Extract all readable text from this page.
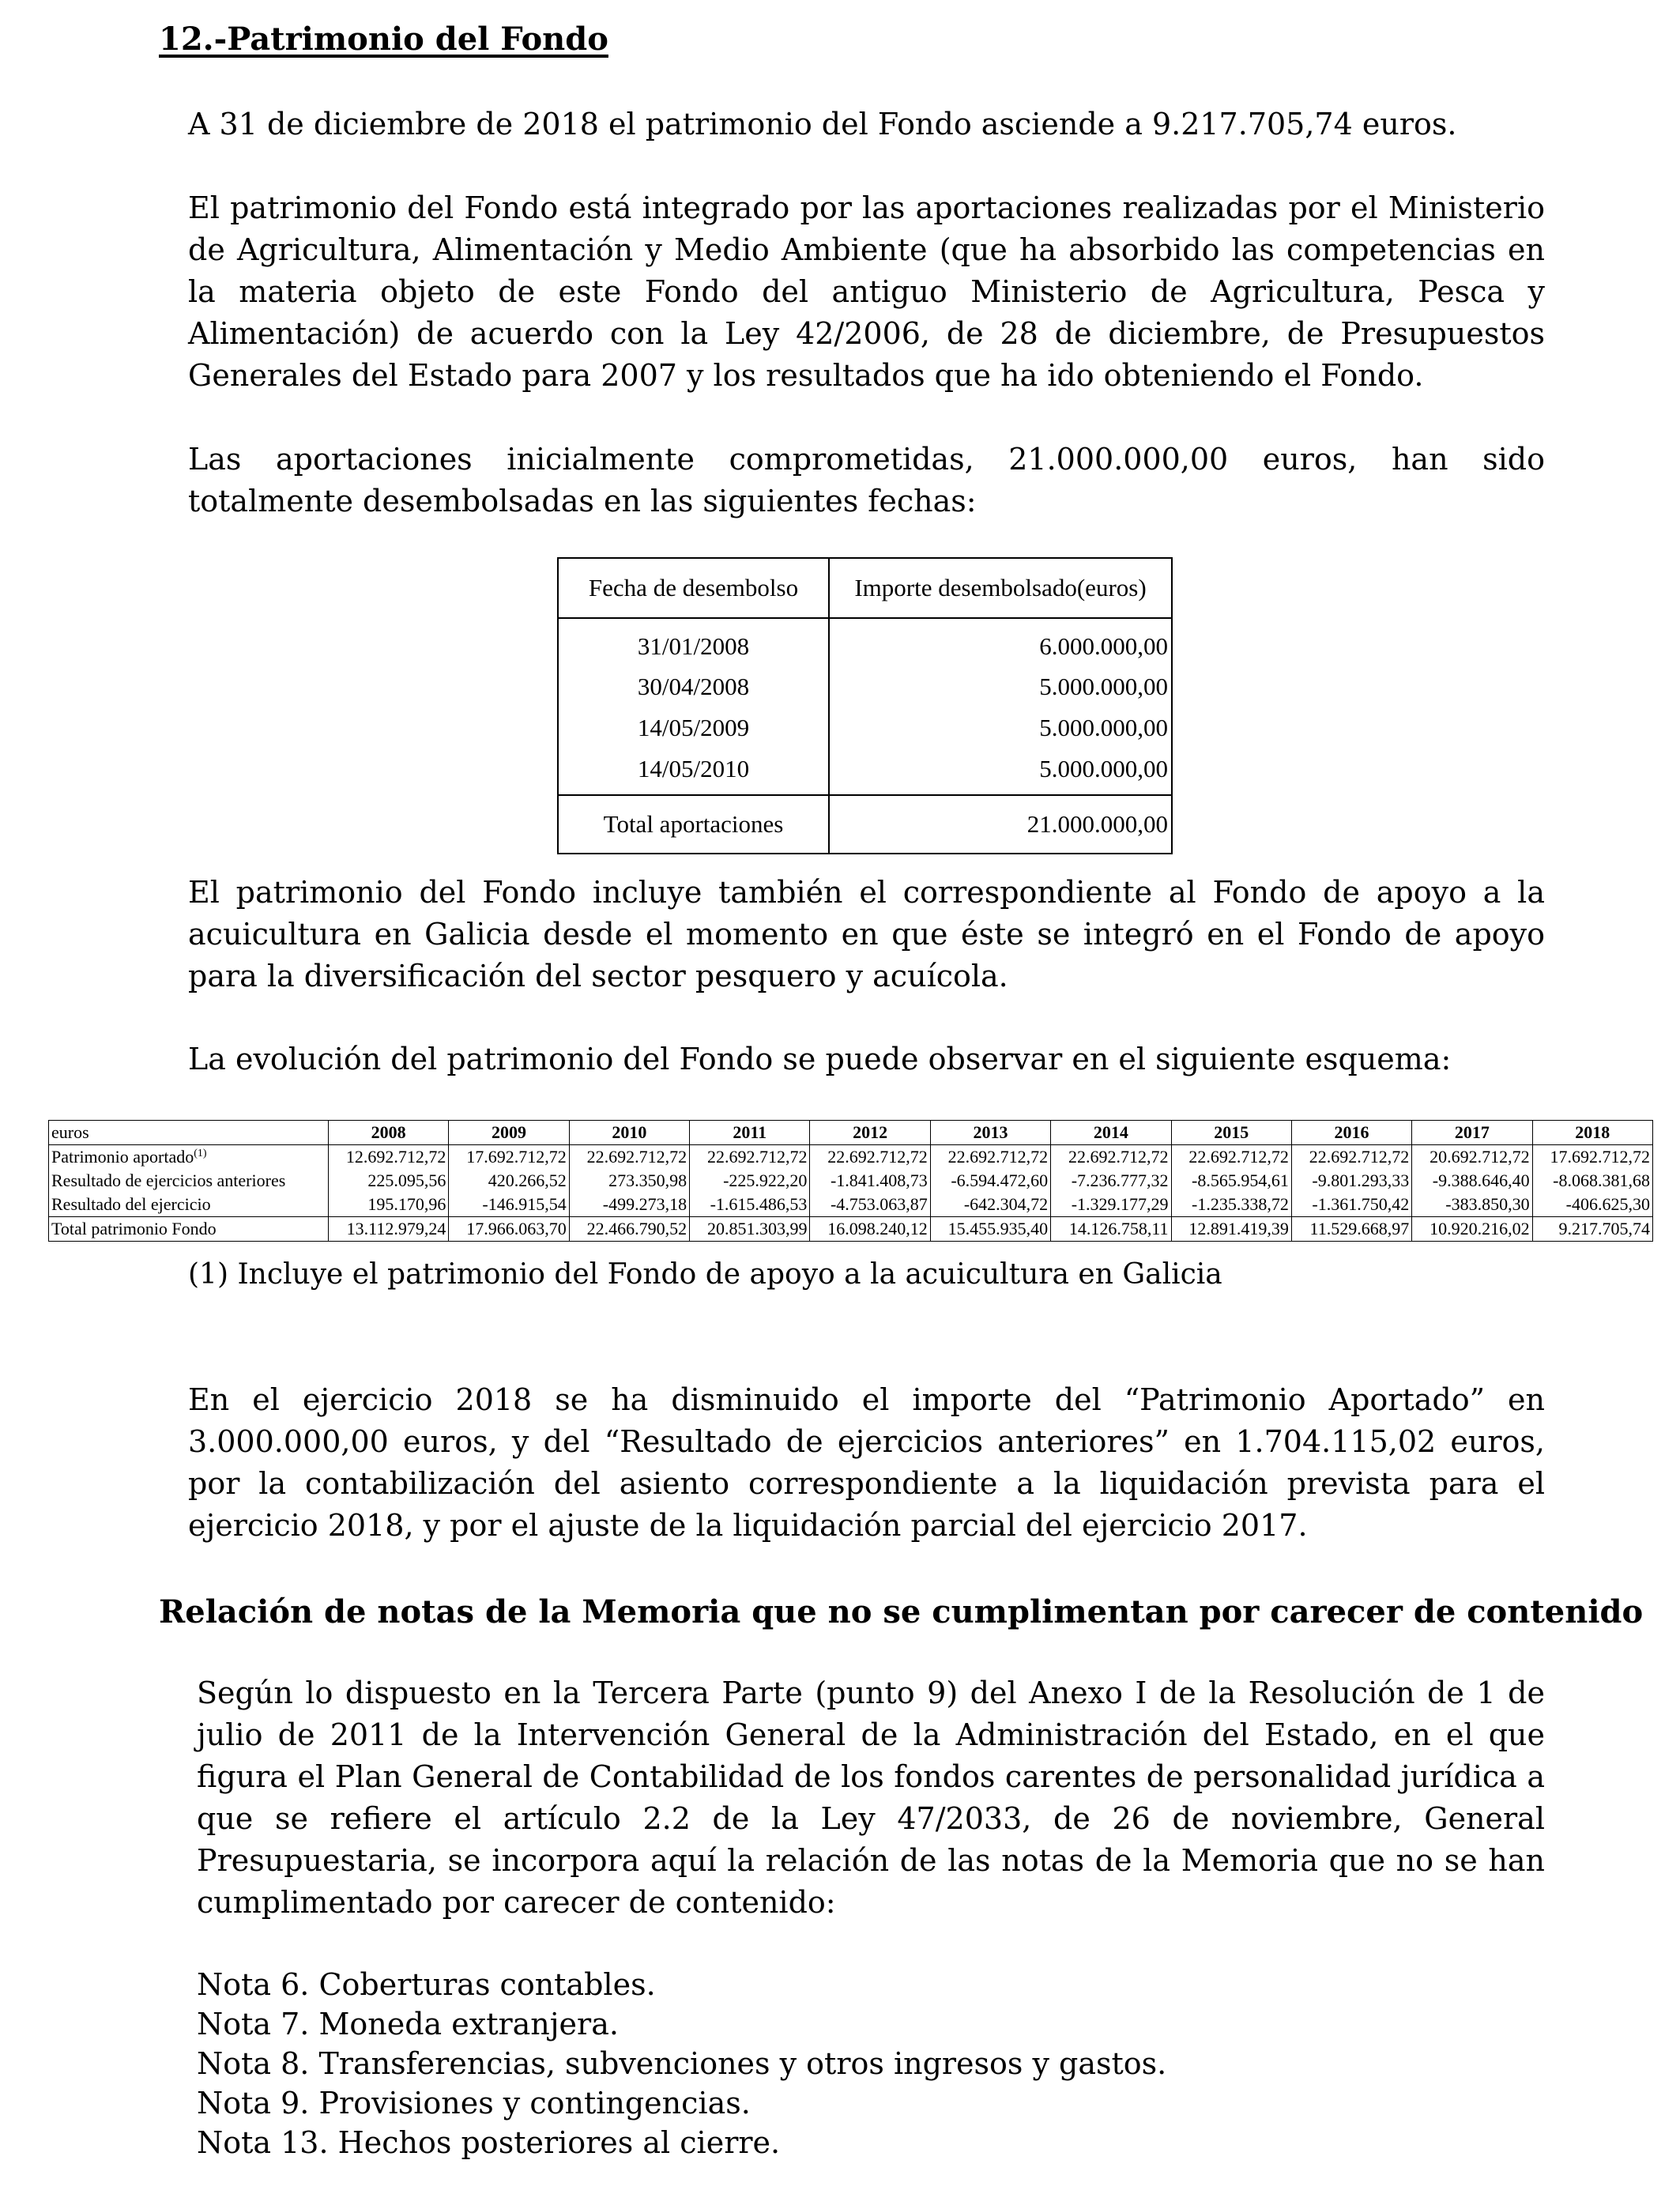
12.-Patrimonio del Fondo
A 31 de diciembre de 2018 el patrimonio del Fondo asciende a 9.217.705,74 euros.
El patrimonio del Fondo está integrado por las aportaciones realizadas por el Ministerio de Agricultura, Alimentación y Medio Ambiente (que ha absorbido las competencias en la materia objeto de este Fondo del antiguo Ministerio de Agricultura, Pesca y Alimentación) de acuerdo con la Ley 42/2006, de 28 de diciembre, de Presupuestos Generales del Estado para 2007 y los resultados que ha ido obteniendo el Fondo.
Las aportaciones inicialmente comprometidas, 21.000.000,00 euros, han sido totalmente desembolsadas en las siguientes fechas:
Fecha de desembolso	Importe desembolsado(euros)
31/01/2008	6.000.000,00
30/04/2008	5.000.000,00
14/05/2009	5.000.000,00
14/05/2010	5.000.000,00
Total aportaciones	21.000.000,00
El patrimonio del Fondo incluye también el correspondiente al Fondo de apoyo a la acuicultura en Galicia desde el momento en que éste se integró en el Fondo de apoyo para la diversificación del sector pesquero y acuícola.
La evolución del patrimonio del Fondo se puede observar en el siguiente esquema:
euros	2008	2009	2010	2011	2012	2013	2014	2015	2016	2017	2018
Patrimonio aportado$^{(1)}$	12.692.712,72	17.692.712,72	22.692.712,72	22.692.712,72	22.692.712,72	22.692.712,72	22.692.712,72	22.692.712,72	22.692.712,72	20.692.712,72	17.692.712,72
Resultado de ejercicios anteriores	225.095,56	420.266,52	273.350,98	-225.922,20	-1.841.408,73	-6.594.472,60	-7.236.777,32	-8.565.954,61	-9.801.293,33	-9.388.646,40	-8.068.381,68
Resultado del ejercicio	195.170,96	-146.915,54	-499.273,18	-1.615.486,53	-4.753.063,87	-642.304,72	-1.329.177,29	-1.235.338,72	-1.361.750,42	-383.850,30	-406.625,30
Total patrimonio Fondo	13.112.979,24	17.966.063,70	22.466.790,52	20.851.303,99	16.098.240,12	15.455.935,40	14.126.758,11	12.891.419,39	11.529.668,97	10.920.216,02	9.217.705,74
(1) Incluye el patrimonio del Fondo de apoyo a la acuicultura en Galicia
En el ejercicio 2018 se ha disminuido el importe del “Patrimonio Aportado” en 3.000.000,00 euros, y del “Resultado de ejercicios anteriores” en 1.704.115,02 euros, por la contabilización del asiento correspondiente a la liquidación prevista para el ejercicio 2018, y por el ajuste de la liquidación parcial del ejercicio 2017.
Relación de notas de la Memoria que no se cumplimentan por carecer de contenido
Según lo dispuesto en la Tercera Parte (punto 9) del Anexo I de la Resolución de 1 de julio de 2011 de la Intervención General de la Administración del Estado, en el que figura el Plan General de Contabilidad de los fondos carentes de personalidad jurídica a que se refiere el artículo 2.2 de la Ley 47/2033, de 26 de noviembre, General Presupuestaria, se incorpora aquí la relación de las notas de la Memoria que no se han cumplimentado por carecer de contenido:
Nota 6. Coberturas contables.
Nota 7. Moneda extranjera.
Nota 8. Transferencias, subvenciones y otros ingresos y gastos.
Nota 9. Provisiones y contingencias.
Nota 13. Hechos posteriores al cierre.
